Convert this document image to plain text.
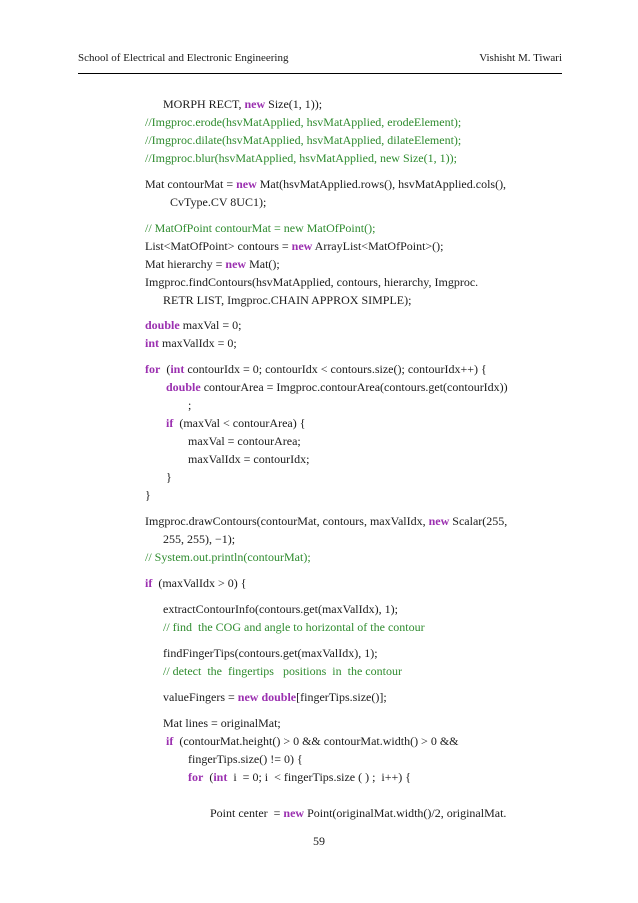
School of Electrical and Electronic Engineering	Vishisht M. Tiwari
MORPH RECT, new Size(1, 1));
//Imgproc.erode(hsvMatApplied, hsvMatApplied, erodeElement);
//Imgproc.dilate(hsvMatApplied, hsvMatApplied, dilateElement);
//Imgproc.blur(hsvMatApplied, hsvMatApplied, new Size(1, 1));
Mat contourMat = new Mat(hsvMatApplied.rows(), hsvMatApplied.cols(),
CvType.CV 8UC1);
// MatOfPoint contourMat = new MatOfPoint();
List<MatOfPoint> contours = new ArrayList<MatOfPoint>();
Mat hierarchy = new Mat();
Imgproc.findContours(hsvMatApplied, contours, hierarchy, Imgproc.
RETR LIST, Imgproc.CHAIN APPROX SIMPLE);
double maxVal = 0;
int maxValIdx = 0;
for  (int contourIdx = 0; contourIdx < contours.size(); contourIdx++) {
double contourArea = Imgproc.contourArea(contours.get(contourIdx))
;
if  (maxVal < contourArea) {
maxVal = contourArea;
maxValIdx = contourIdx;
}
}
Imgproc.drawContours(contourMat, contours, maxValIdx, new Scalar(255,
255, 255), −1);
// System.out.println(contourMat);
if  (maxValIdx > 0) {
extractContourInfo(contours.get(maxValIdx), 1);
// find  the COG and angle to horizontal of the contour
findFingerTips(contours.get(maxValIdx), 1);
// detect  the  fingertips   positions  in  the contour
valueFingers = new double[fingerTips.size()];
Mat lines = originalMat;
if  (contourMat.height() > 0 && contourMat.width() > 0 &&
fingerTips.size() != 0) {
for  (int  i  = 0; i  < fingerTips.size ( ) ;  i++) {
Point center  = new Point(originalMat.width()/2, originalMat.
59
